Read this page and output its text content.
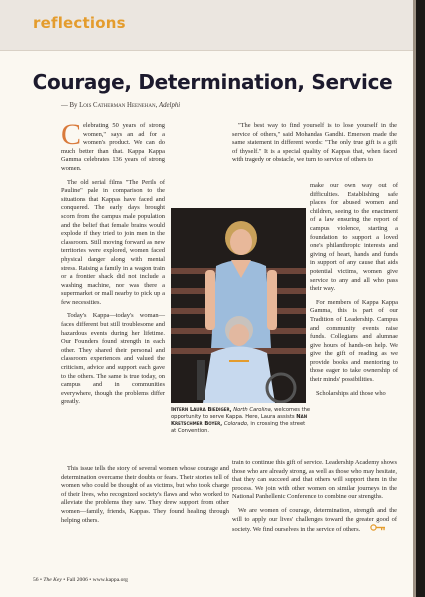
reflections
Courage, Determination, Service
— By Lois Catherman Heenehan, Adelphi

Celebrating 50 years of strong women," says an ad for a women's product. We can do much better than that. Kappa Kappa Gamma celebrates 136 years of strong women.

The old serial films "The Perils of Pauline" pale in comparison to the situations that Kappas have faced and conquered. The early days brought scorn from the campus male population and the belief that female brains would explode if they tried to join men in the classroom. Still moving forward as new territories were explored, women faced physical danger along with mental stress. Raising a family in a wagon train or a frontier shack did not include a washing machine, nor was there a supermarket or mall nearby to pick up a few necessities.

Today's Kappa—today's woman—faces different but still troublesome and hazardous events during her lifetime. Our Founders found strength in each other. They shared their personal and classroom experiences and valued the criticism, advice and support each gave to the others. The same is true today, on campus and in communities everywhere, though the problems differ greatly.

This issue tells the story of several women whose courage and determination overcame their doubts or fears. Their stories tell of women who could be thought of as victims, but who took charge of their lives, who recognized society's flaws and who worked to alleviate the problems they saw. They drew support from other women—family, friends, Kappas. They found healing through helping others.

"The best way to find yourself is to lose yourself in the service of others," said Mohandas Gandhi. Emerson made the same statement in different words: "The only true gift is a gift of thyself." It is a special quality of Kappas that, when faced with tragedy or obstacle, we turn to service of others to

make our own way out of difficulties. Establishing safe places for abused women and children, seeing to the enactment of a law ensuring the report of campus violence, starting a foundation to support a loved one's philanthropic interests and giving of heart, hands and funds in support of any cause that aids potential victims, women give service to any and all who pass their way.

For members of Kappa Kappa Gamma, this is part of our Tradition of Leadership. Campus and community events raise funds. Collegians and alumnae give hours of hands-on help. We give the gift of reading as we provide books and mentoring to those eager to take ownership of their minds' possibilities.

Scholarships aid those who

train to continue this gift of service. Leadership Academy shows those who are already strong, as well as those who may hesitate, that they can succeed and that others will support them in the process. We join with other women on similar journeys in the National Panhellenic Conference to combine our strengths.

We are women of courage, determination, strength and the will to apply our lives' challenges toward the greater good of society. We find ourselves in the service of others.

Intern Laura Biediger, North Carolina, welcomes the opportunity to serve Kappa. Here, Laura assists Nan Kretschmer Boyer, Colorado, in crossing the street at Convention.
56 • The Key • Fall 2006 • www.kappa.org
